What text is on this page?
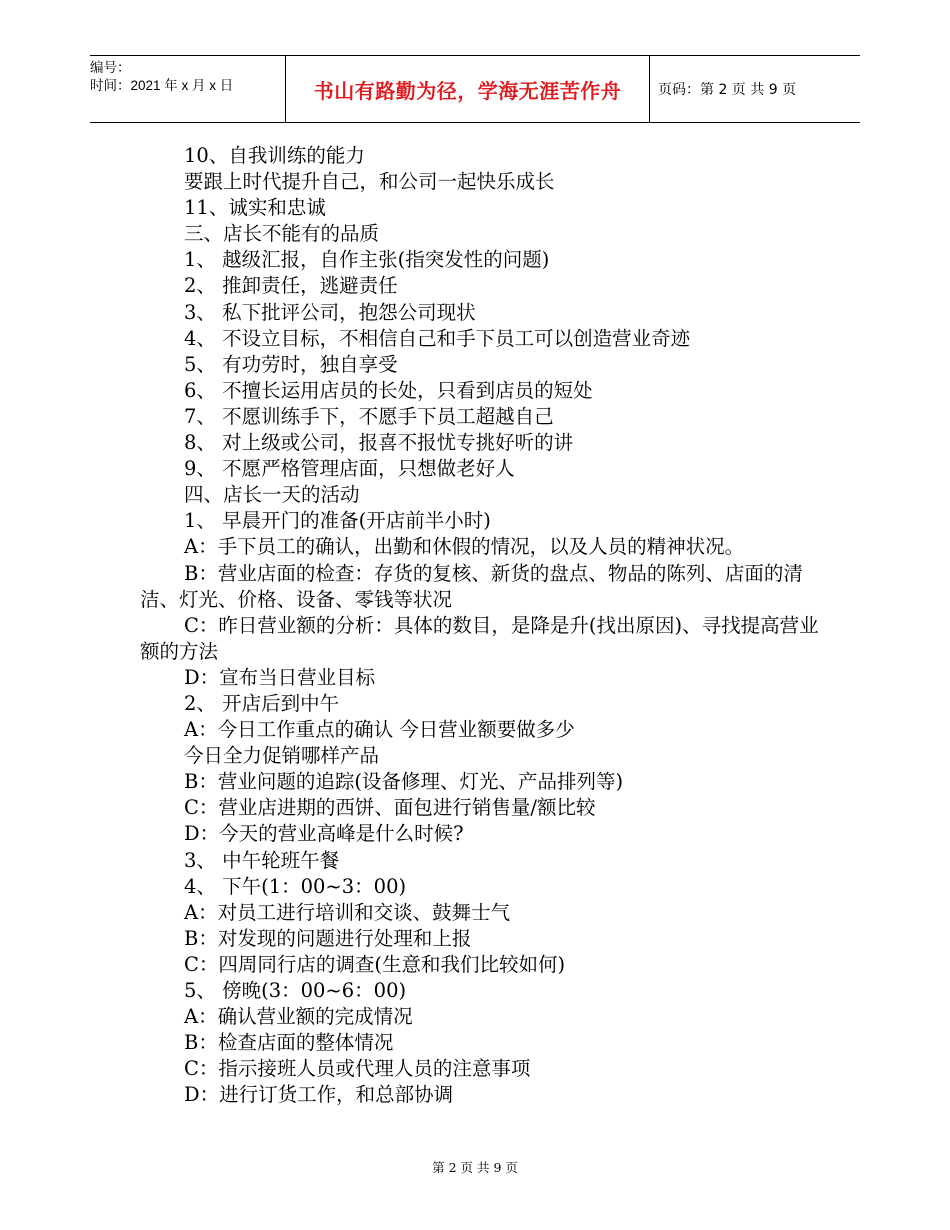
编号：
时间：2021 年 x 月 x 日	书山有路勤为径，学海无涯苦作舟	页码：第 2 页 共 9 页

10、自我训练的能力

要跟上时代提升自己，和公司一起快乐成长

11、诚实和忠诚

三、店长不能有的品质

1、 越级汇报，自作主张(指突发性的问题)

2、 推卸责任，逃避责任

3、 私下批评公司，抱怨公司现状

4、 不设立目标，不相信自己和手下员工可以创造营业奇迹

5、 有功劳时，独自享受

6、 不擅长运用店员的长处，只看到店员的短处

7、 不愿训练手下，不愿手下员工超越自己

8、 对上级或公司，报喜不报忧专挑好听的讲

9、 不愿严格管理店面，只想做老好人

四、店长一天的活动

1、 早晨开门的准备(开店前半小时)

A：手下员工的确认，出勤和休假的情况，以及人员的精神状况。

B：营业店面的检查：存货的复核、新货的盘点、物品的陈列、店面的清洁、灯光、价格、设备、零钱等状况

C：昨日营业额的分析：具体的数目，是降是升(找出原因)、寻找提高营业额的方法

D：宣布当日营业目标

2、 开店后到中午

A：今日工作重点的确认 今日营业额要做多少

今日全力促销哪样产品

B：营业问题的追踪(设备修理、灯光、产品排列等)

C：营业店进期的西饼、面包进行销售量/额比较

D：今天的营业高峰是什么时候?

3、 中午轮班午餐

4、 下午(1：00~3：00)

A：对员工进行培训和交谈、鼓舞士气

B：对发现的问题进行处理和上报

C：四周同行店的调查(生意和我们比较如何)

5、 傍晚(3：00~6：00)

A：确认营业额的完成情况

B：检查店面的整体情况

C：指示接班人员或代理人员的注意事项

D：进行订货工作，和总部协调

第 2 页 共 9 页
